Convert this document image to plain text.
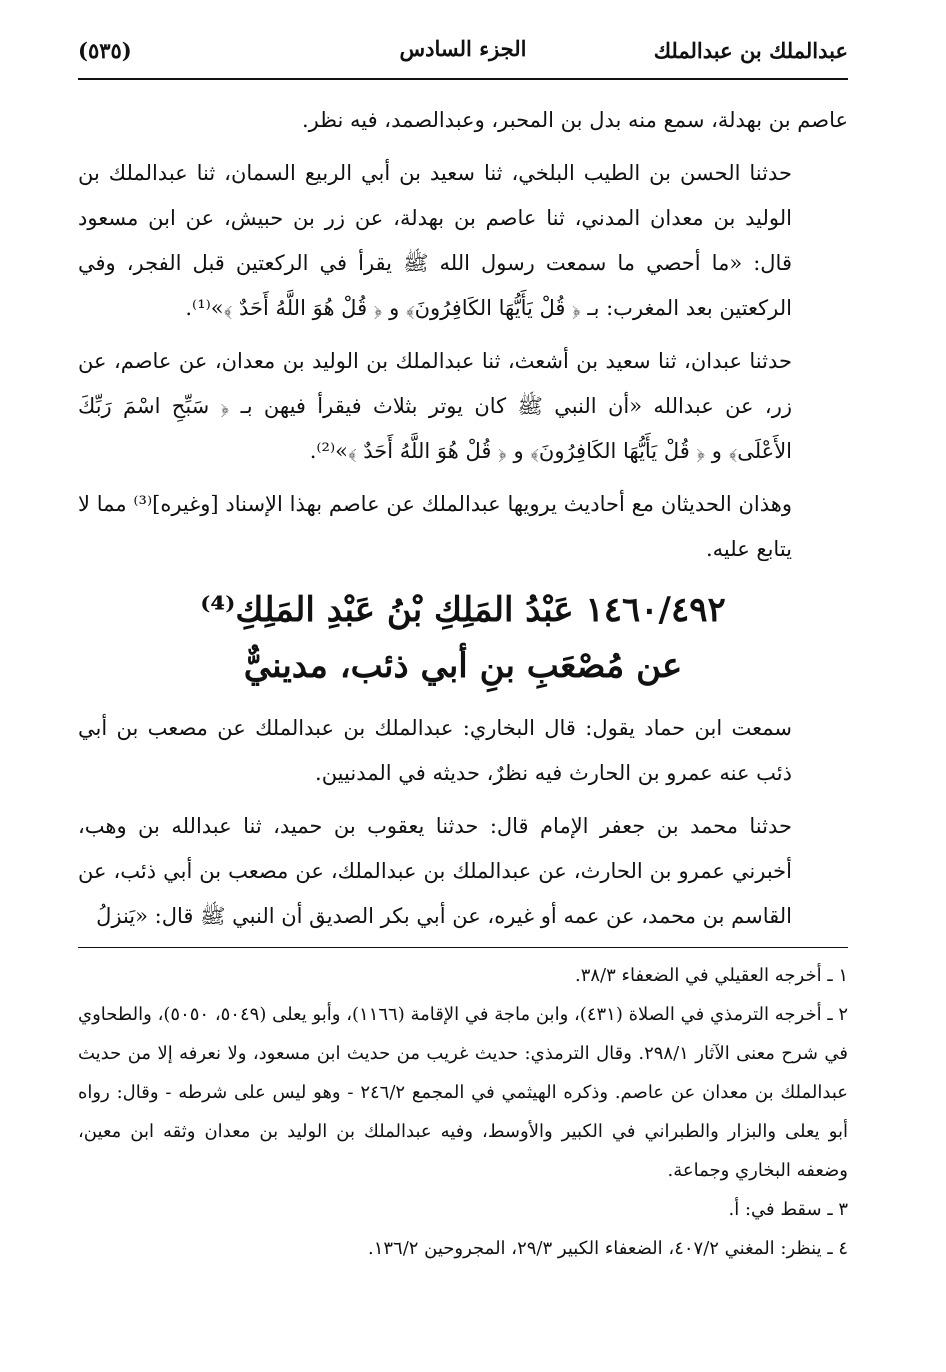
عبدالملك بن عبدالملك
الجزء السادس
(٥٣٥)

عاصم بن بهدلة، سمع منه بدل بن المحبر، وعبدالصمد، فيه نظر.

حدثنا الحسن بن الطيب البلخي، ثنا سعيد بن أبي الربيع السمان، ثنا عبدالملك بن الوليد بن معدان المدني، ثنا عاصم بن بهدلة، عن زر بن حبيش، عن ابن مسعود قال: «ما أحصي ما سمعت رسول الله ﷺ يقرأ في الركعتين قبل الفجر، وفي الركعتين بعد المغرب: بـ ﴿ قُلْ يَأَيُّهَا الكَافِرُونَ﴾ و ﴿ قُلْ هُوَ اللَّهُ أَحَدٌ ﴾»⁽¹⁾.

حدثنا عبدان، ثنا سعيد بن أشعث، ثنا عبدالملك بن الوليد بن معدان، عن عاصم، عن زر، عن عبدالله «أن النبي ﷺ كان يوتر بثلاث فيقرأ فيهن بـ ﴿ سَبِّحِ اسْمَ رَبِّكَ الأَعْلَى﴾ و ﴿ قُلْ يَأَيُّهَا الكَافِرُونَ﴾ و ﴿ قُلْ هُوَ اللَّهُ أَحَدٌ ﴾»⁽²⁾.

وهذان الحديثان مع أحاديث يرويها عبدالملك عن عاصم بهذا الإسناد [وغيره]⁽³⁾ مما لا يتابع عليه.

١٤٦٠/٤٩٢ عَبْدُ المَلِكِ بْنُ عَبْدِ المَلِكِ⁽⁴⁾
عن مُصْعَبِ بنِ أبي ذئب، مدينيٌّ

سمعت ابن حماد يقول: قال البخاري: عبدالملك بن عبدالملك عن مصعب بن أبي ذئب عنه عمرو بن الحارث فيه نظرٌ، حديثه في المدنيين.

حدثنا محمد بن جعفر الإمام قال: حدثنا يعقوب بن حميد، ثنا عبدالله بن وهب، أخبرني عمرو بن الحارث، عن عبدالملك بن عبدالملك، عن مصعب بن أبي ذئب، عن القاسم بن محمد، عن عمه أو غيره، عن أبي بكر الصديق أن النبي ﷺ قال: «يَنزلُ

١ ـ أخرجه العقيلي في الضعفاء ٣٨/٣.
٢ ـ أخرجه الترمذي في الصلاة (٤٣١)، وابن ماجة في الإقامة (١١٦٦)، وأبو يعلى (٥٠٤٩، ٥٠٥٠)، والطحاوي في شرح معنى الآثار ٢٩٨/١. وقال الترمذي: حديث غريب من حديث ابن مسعود، ولا نعرفه إلا من حديث عبدالملك بن معدان عن عاصم. وذكره الهيثمي في المجمع ٢٤٦/٢ - وهو ليس على شرطه - وقال: رواه أبو يعلى والبزار والطبراني في الكبير والأوسط، وفيه عبدالملك بن الوليد بن معدان وثقه ابن معين، وضعفه البخاري وجماعة.
٣ ـ سقط في: أ.
٤ ـ ينظر: المغني ٤٠٧/٢، الضعفاء الكبير ٢٩/٣، المجروحين ١٣٦/٢.
